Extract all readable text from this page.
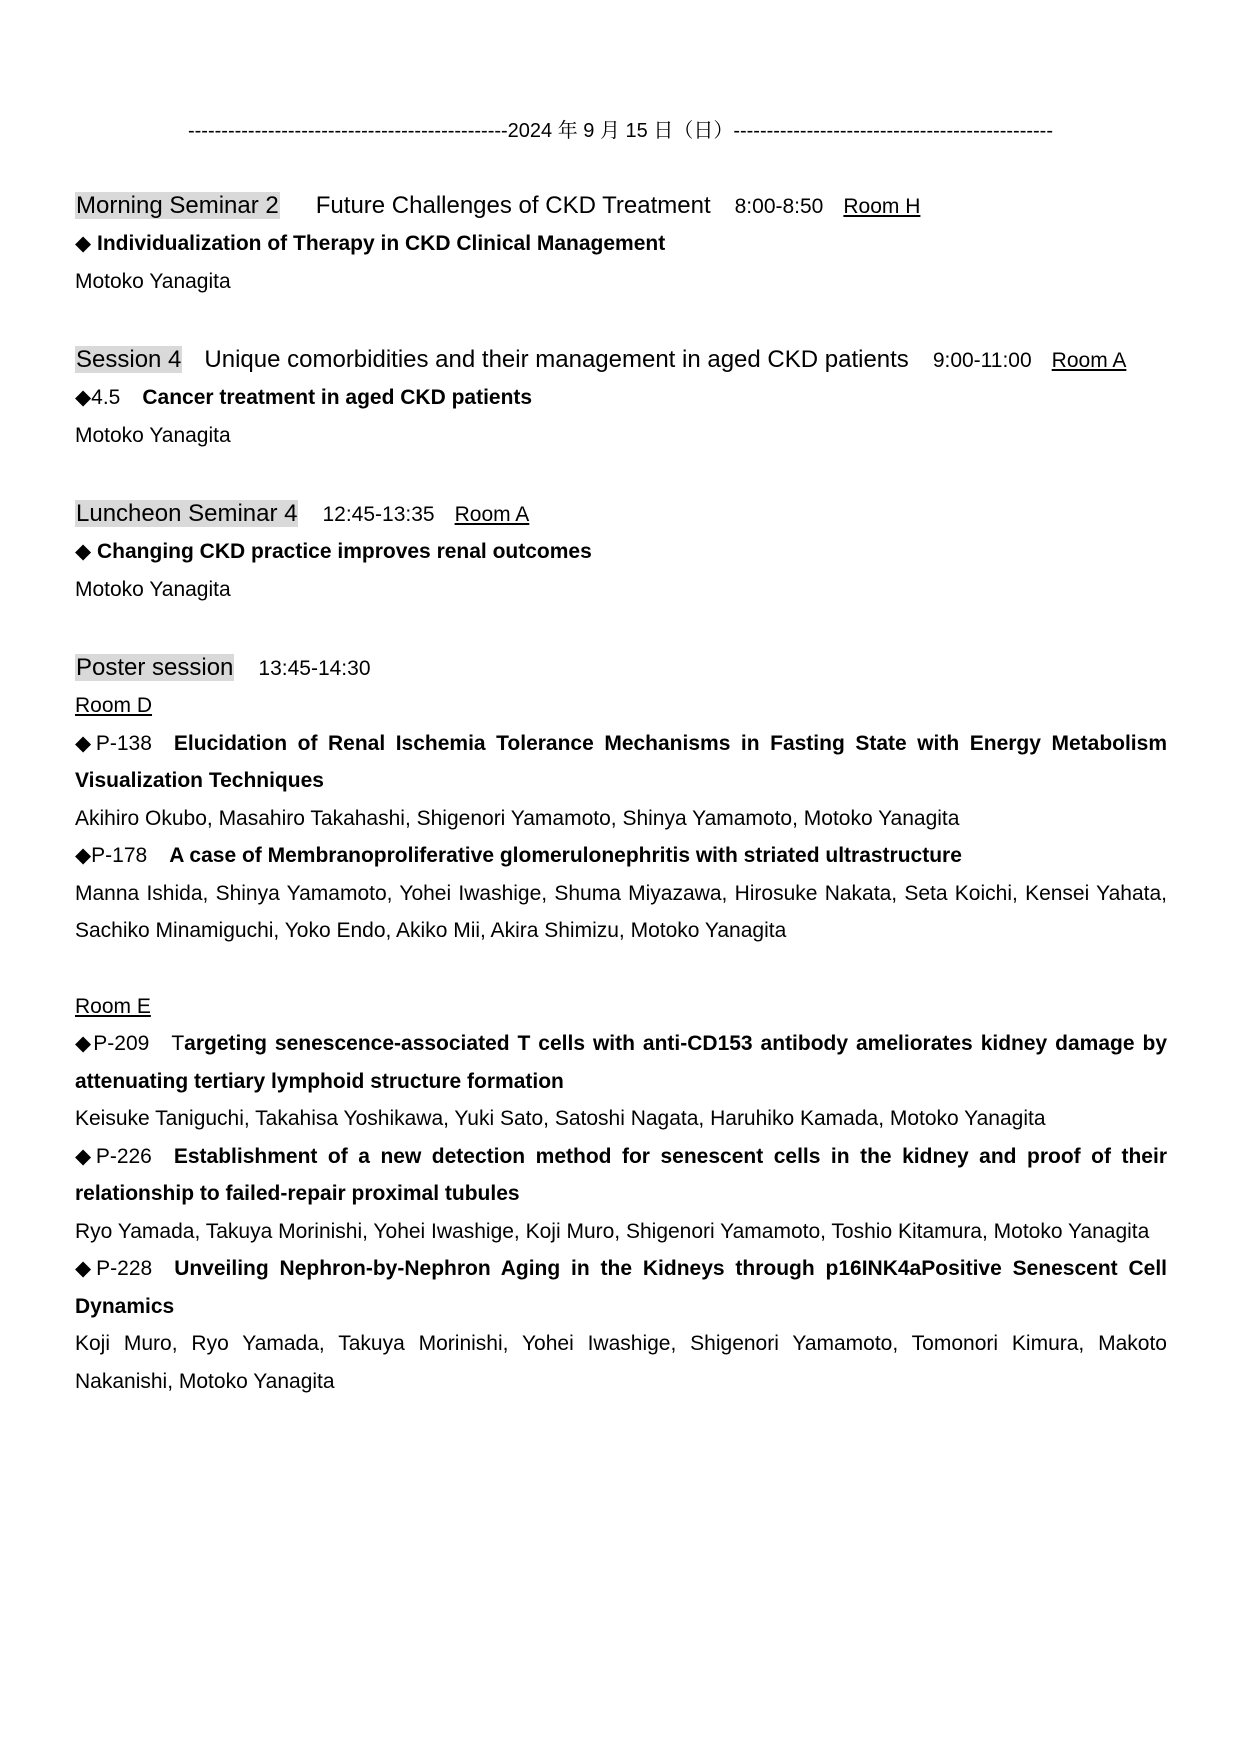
------------------------------------------------2024 年 9 月 15 日（日）------------------------------------------------
Morning Seminar 2 Future Challenges of CKD Treatment 8:00-8:50 Room H
◆ Individualization of Therapy in CKD Clinical Management
Motoko Yanagita
Session 4 Unique comorbidities and their management in aged CKD patients 9:00-11:00 Room A
◆4.5 Cancer treatment in aged CKD patients
Motoko Yanagita
Luncheon Seminar 4 12:45-13:35 Room A
◆ Changing CKD practice improves renal outcomes
Motoko Yanagita
Poster session 13:45-14:30
Room D
◆P-138 Elucidation of Renal Ischemia Tolerance Mechanisms in Fasting State with Energy Metabolism Visualization Techniques
Akihiro Okubo, Masahiro Takahashi, Shigenori Yamamoto, Shinya Yamamoto, Motoko Yanagita
◆P-178 A case of Membranoproliferative glomerulonephritis with striated ultrastructure
Manna Ishida, Shinya Yamamoto, Yohei Iwashige, Shuma Miyazawa, Hirosuke Nakata, Seta Koichi, Kensei Yahata, Sachiko Minamiguchi, Yoko Endo, Akiko Mii, Akira Shimizu, Motoko Yanagita
Room E
◆P-209 Targeting senescence-associated T cells with anti-CD153 antibody ameliorates kidney damage by attenuating tertiary lymphoid structure formation
Keisuke Taniguchi, Takahisa Yoshikawa, Yuki Sato, Satoshi Nagata, Haruhiko Kamada, Motoko Yanagita
◆P-226 Establishment of a new detection method for senescent cells in the kidney and proof of their relationship to failed-repair proximal tubules
Ryo Yamada, Takuya Morinishi, Yohei Iwashige, Koji Muro, Shigenori Yamamoto, Toshio Kitamura, Motoko Yanagita
◆P-228 Unveiling Nephron-by-Nephron Aging in the Kidneys through p16INK4aPositive Senescent Cell Dynamics
Koji Muro, Ryo Yamada, Takuya Morinishi, Yohei Iwashige, Shigenori Yamamoto, Tomonori Kimura, Makoto Nakanishi, Motoko Yanagita
